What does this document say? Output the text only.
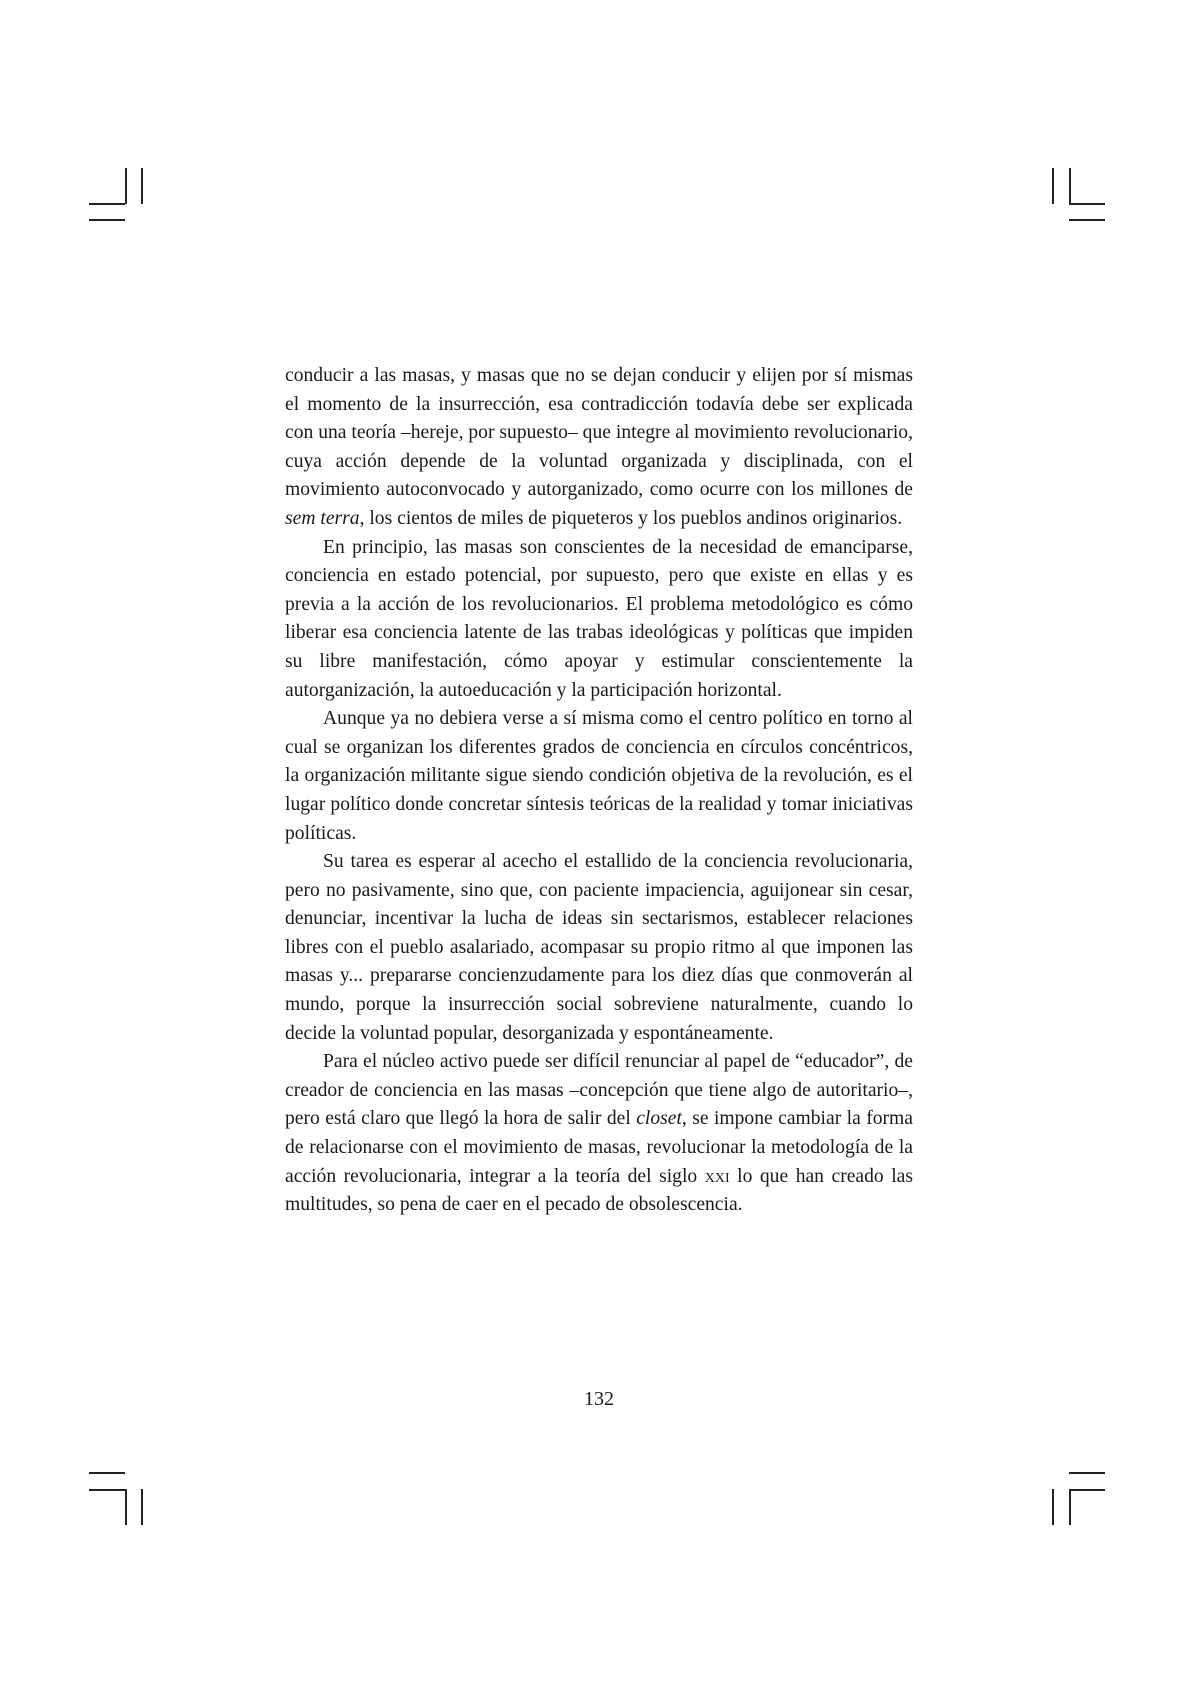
conducir a las masas, y masas que no se dejan conducir y elijen por sí mismas el momento de la insurrección, esa contradicción todavía debe ser explicada con una teoría –hereje, por supuesto– que integre al movimiento revolucionario, cuya acción depende de la voluntad organizada y disciplinada, con el movimiento autoconvocado y autorganizado, como ocurre con los millones de sem terra, los cientos de miles de piqueteros y los pueblos andinos originarios.

En principio, las masas son conscientes de la necesidad de emanciparse, conciencia en estado potencial, por supuesto, pero que existe en ellas y es previa a la acción de los revolucionarios. El problema metodológico es cómo liberar esa conciencia latente de las trabas ideológicas y políticas que impiden su libre manifestación, cómo apoyar y estimular conscientemente la autorganización, la autoeducación y la participación horizontal.

Aunque ya no debiera verse a sí misma como el centro político en torno al cual se organizan los diferentes grados de conciencia en círculos concéntricos, la organización militante sigue siendo condición objetiva de la revolución, es el lugar político donde concretar síntesis teóricas de la realidad y tomar iniciativas políticas.

Su tarea es esperar al acecho el estallido de la conciencia revolucionaria, pero no pasivamente, sino que, con paciente impaciencia, aguijonear sin cesar, denunciar, incentivar la lucha de ideas sin sectarismos, establecer relaciones libres con el pueblo asalariado, acompasar su propio ritmo al que imponen las masas y... prepararse concienzudamente para los diez días que conmoverán al mundo, porque la insurrección social sobreviene naturalmente, cuando lo decide la voluntad popular, desorganizada y espontáneamente.

Para el núcleo activo puede ser difícil renunciar al papel de “educador”, de creador de conciencia en las masas –concepción que tiene algo de autoritario–, pero está claro que llegó la hora de salir del closet, se impone cambiar la forma de relacionarse con el movimiento de masas, revolucionar la metodología de la acción revolucionaria, integrar a la teoría del siglo xxi lo que han creado las multitudes, so pena de caer en el pecado de obsolescencia.

132
